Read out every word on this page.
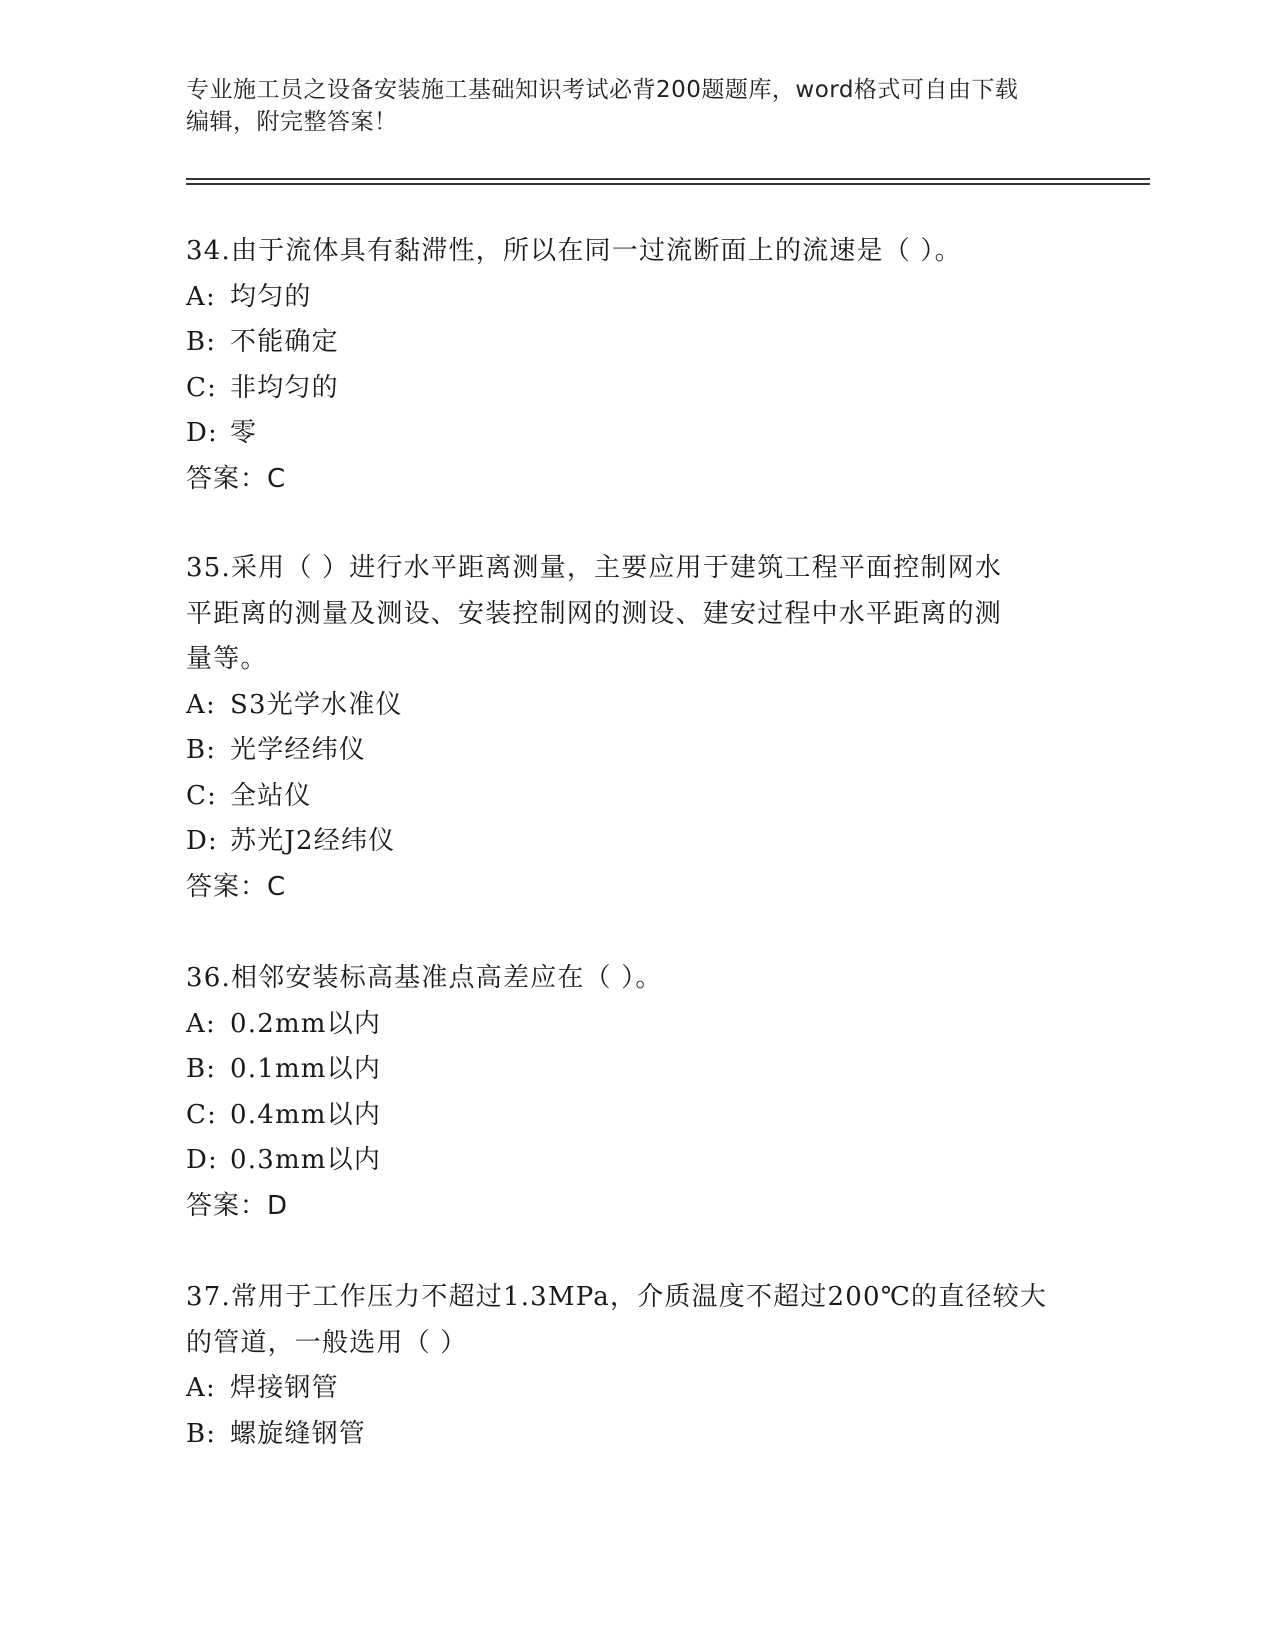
专业施工员之设备安装施工基础知识考试必背200题题库，word格式可自由下载
编辑，附完整答案！
34.由于流体具有黏滞性，所以在同一过流断面上的流速是（ ）。
A: 均匀的
B: 不能确定
C: 非均匀的
D: 零
答案：C
35.采用（ ）进行水平距离测量，主要应用于建筑工程平面控制网水
平距离的测量及测设、安装控制网的测设、建安过程中水平距离的测
量等。
A: S3光学水准仪
B: 光学经纬仪
C: 全站仪
D: 苏光J2经纬仪
答案：C
36.相邻安装标高基准点高差应在（ ）。
A: 0.2mm以内
B: 0.1mm以内
C: 0.4mm以内
D: 0.3mm以内
答案：D
37.常用于工作压力不超过1.3MPa，介质温度不超过200℃的直径较大
的管道，一般选用（ ）
A: 焊接钢管
B: 螺旋缝钢管
